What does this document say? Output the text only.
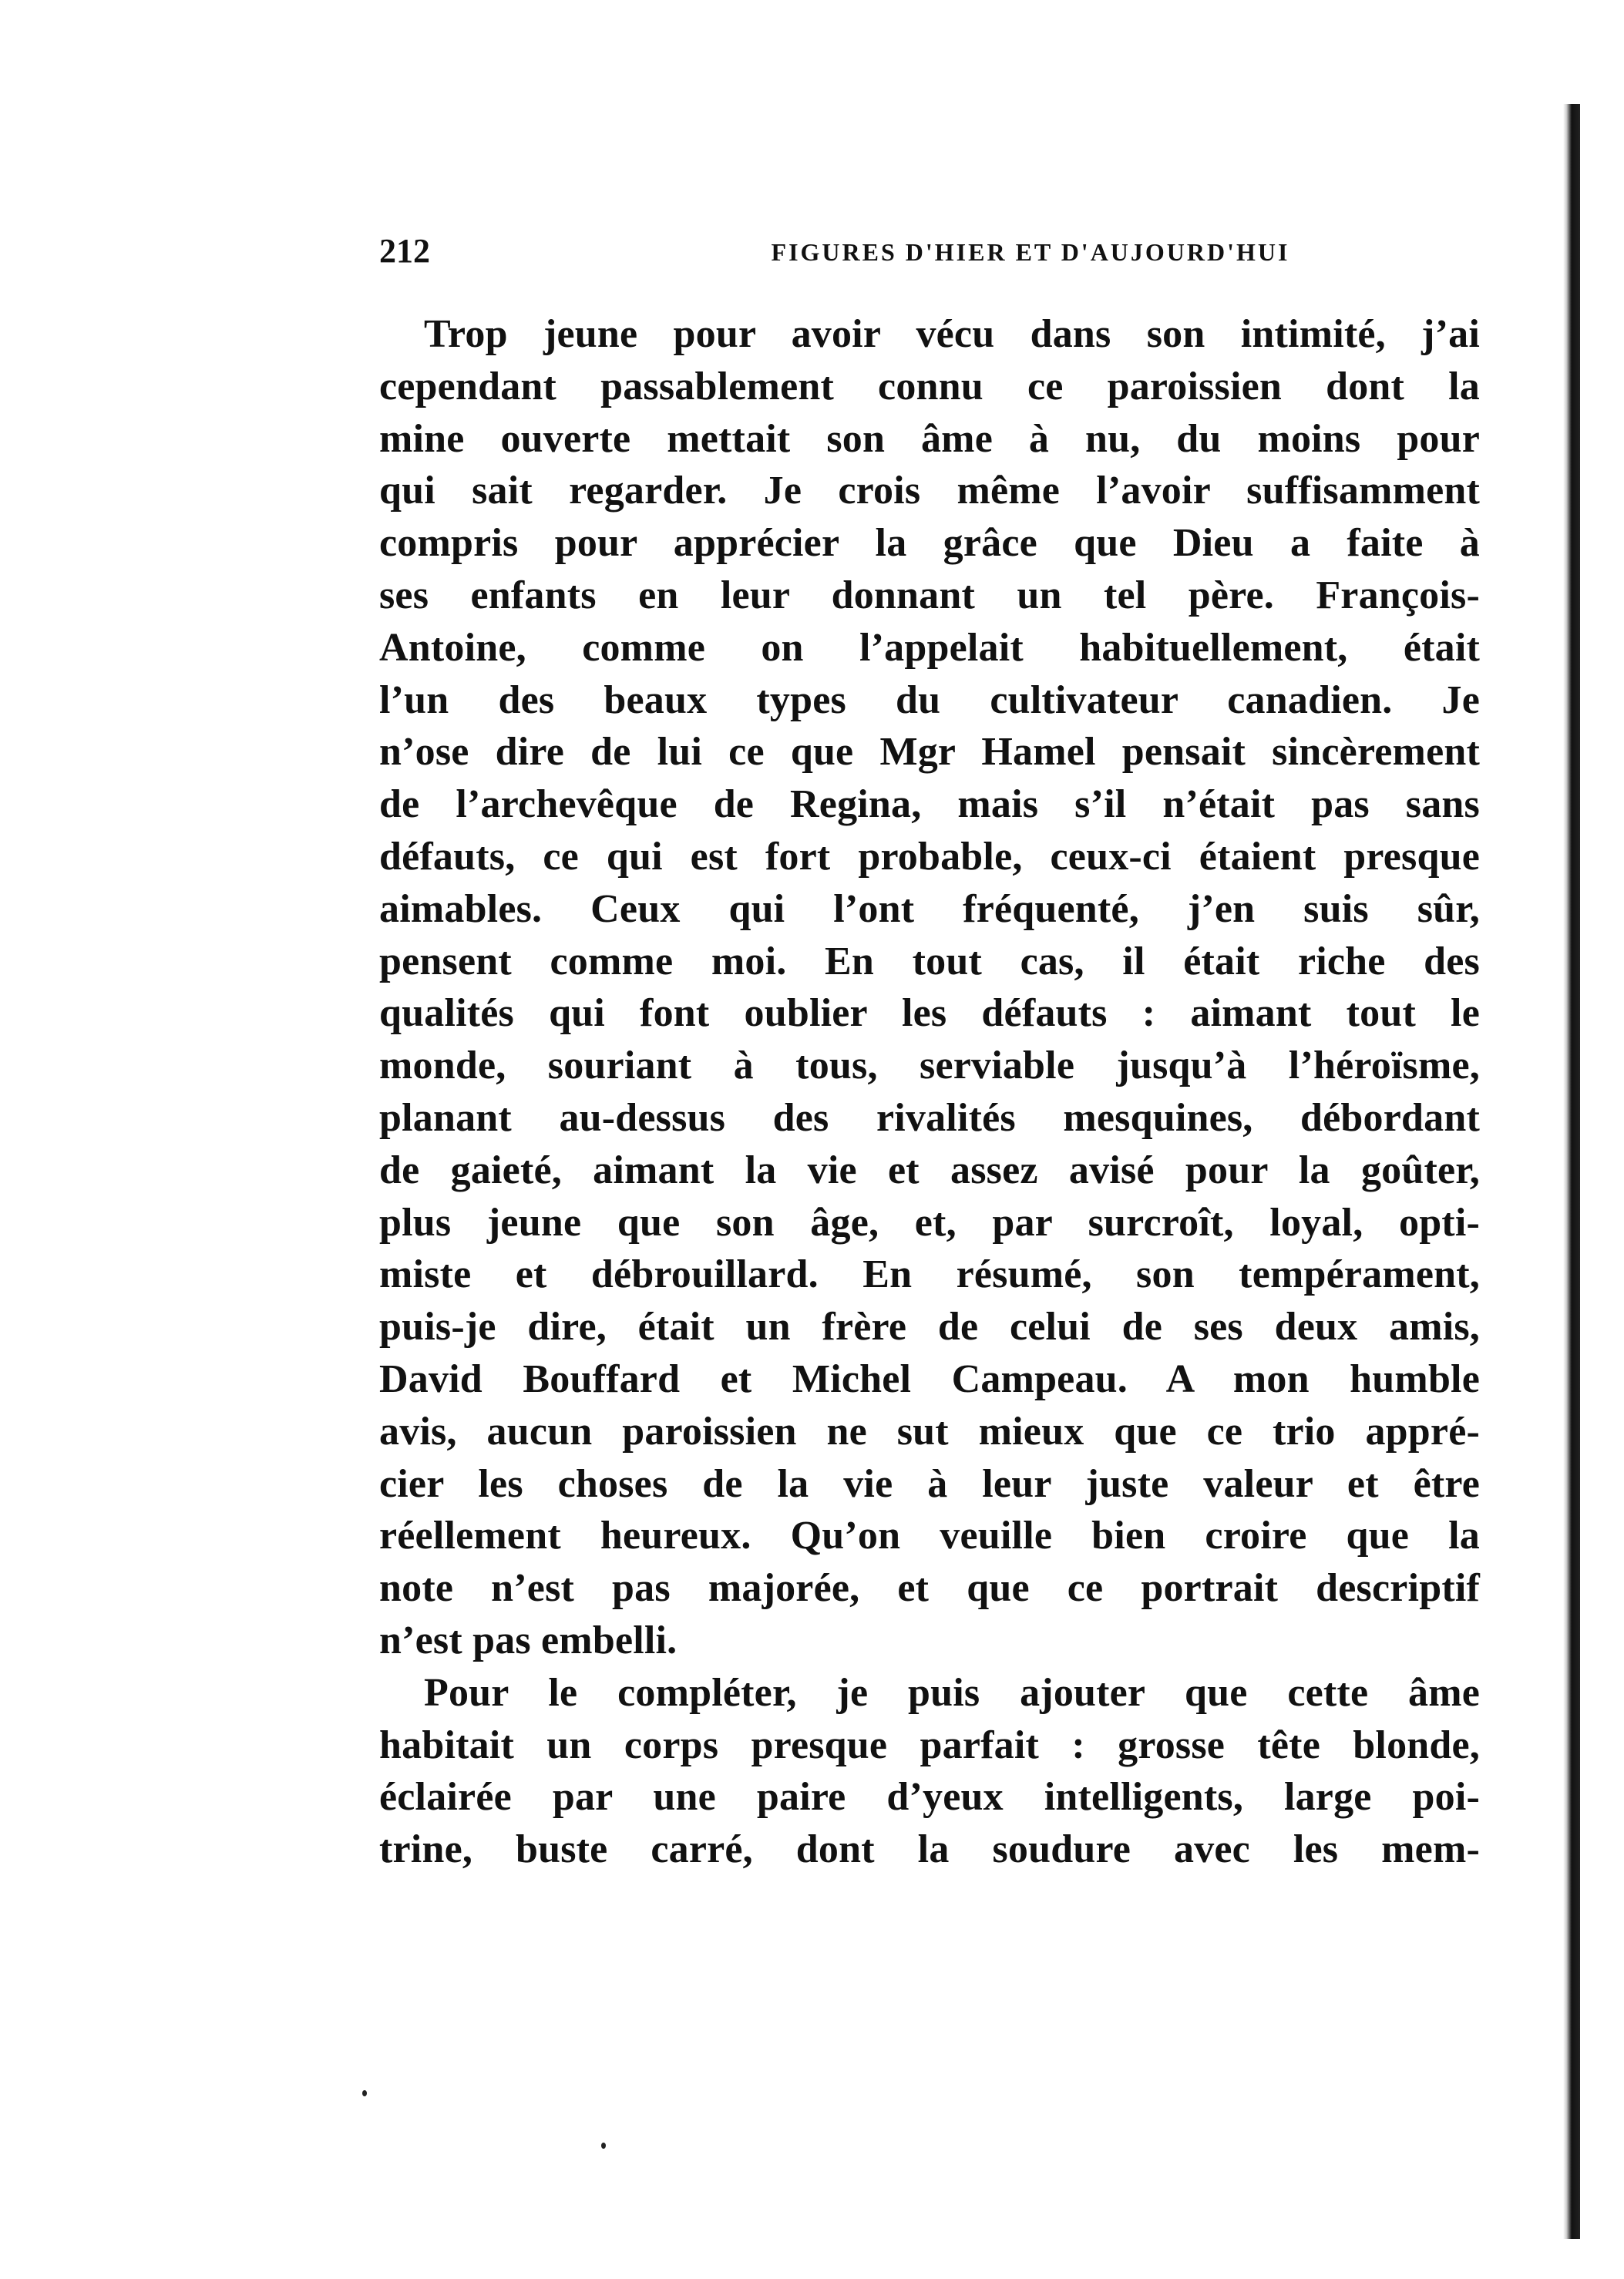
212	FIGURES D'HIER ET D'AUJOURD'HUI
Trop jeune pour avoir vécu dans son intimité, j’ai
cependant passablement connu ce paroissien dont la
mine ouverte mettait son âme à nu, du moins pour
qui sait regarder. Je crois même l’avoir suffisamment
compris pour apprécier la grâce que Dieu a faite à
ses enfants en leur donnant un tel père. François-
Antoine, comme on l’appelait habituellement, était
l’un des beaux types du cultivateur canadien. Je
n’ose dire de lui ce que Mgr Hamel pensait sincèrement
de l’archevêque de Regina, mais s’il n’était pas sans
défauts, ce qui est fort probable, ceux-ci étaient presque
aimables. Ceux qui l’ont fréquenté, j’en suis sûr,
pensent comme moi. En tout cas, il était riche des
qualités qui font oublier les défauts : aimant tout le
monde, souriant à tous, serviable jusqu’à l’héroïsme,
planant au-dessus des rivalités mesquines, débordant
de gaieté, aimant la vie et assez avisé pour la goûter,
plus jeune que son âge, et, par surcroît, loyal, opti-
miste et débrouillard. En résumé, son tempérament,
puis-je dire, était un frère de celui de ses deux amis,
David Bouffard et Michel Campeau. A mon humble
avis, aucun paroissien ne sut mieux que ce trio appré-
cier les choses de la vie à leur juste valeur et être
réellement heureux. Qu’on veuille bien croire que la
note n’est pas majorée, et que ce portrait descriptif
n’est pas embelli.
Pour le compléter, je puis ajouter que cette âme
habitait un corps presque parfait : grosse tête blonde,
éclairée par une paire d’yeux intelligents, large poi-
trine, buste carré, dont la soudure avec les mem-
